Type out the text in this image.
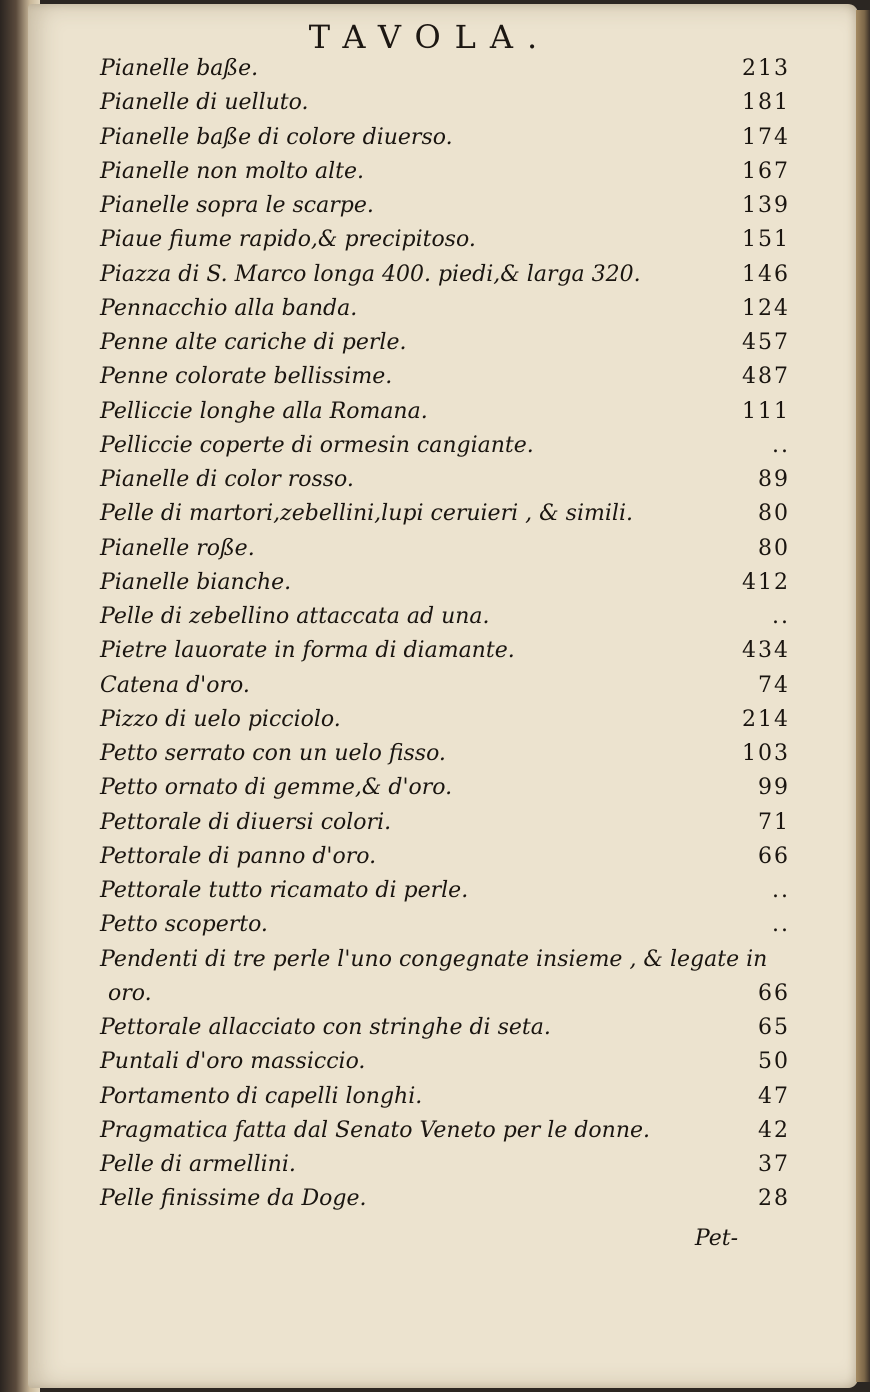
TAVOLA.
Pianelle baße.	213
Pianelle di uelluto.	181
Pianelle baße di colore diuerso.	174
Pianelle non molto alte.	167
Pianelle sopra le scarpe.	139
Piaue fiume rapido,& precipitoso.	151
Piazza di S. Marco longa 400. piedi,& larga 320.	146
Pennacchio alla banda.	124
Penne alte cariche di perle.	457
Penne colorate bellissime.	487
Pelliccie longhe alla Romana.	111
Pelliccie coperte di ormesin cangiante.	..
Pianelle di color rosso.	89
Pelle di martori,zebellini,lupi ceruieri , & simili.	80
Pianelle roße.	80
Pianelle bianche.	412
Pelle di zebellino attaccata ad una.	..
Pietre lauorate in forma di diamante.	434
Catena d'oro.	74
Pizzo di uelo picciolo.	214
Petto serrato con un uelo fisso.	103
Petto ornato di gemme,& d'oro.	99
Pettorale di diuersi colori.	71
Pettorale di panno d'oro.	66
Pettorale tutto ricamato di perle.	..
Petto scoperto.	..
Pendenti di tre perle l'uno congegnate insieme , & legate in
oro.	66
Pettorale allacciato con stringhe di seta.	65
Puntali d'oro massiccio.	50
Portamento di capelli longhi.	47
Pragmatica fatta dal Senato Veneto per le donne.	42
Pelle di armellini.	37
Pelle finissime da Doge.	28
Pet-
